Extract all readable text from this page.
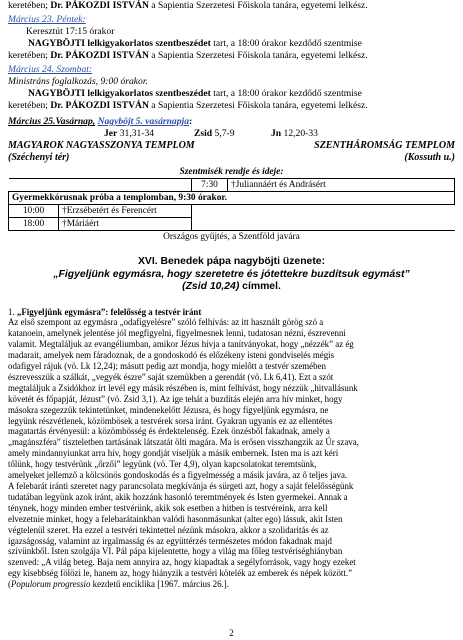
keretében; Dr. PÁKOZDI ISTVÁN a Sapientia Szerzetesi Főiskola tanára, egyetemi lelkész.
Március 23. Péntek:
Keresztút 17:15 órakor
NAGYBÖJTI lelkigyakorlatos szentbeszédet tart, a 18:00 órakor kezdődő szentmise
keretében; Dr. PÁKOZDI ISTVÁN a Sapientia Szerzetesi Főiskola tanára, egyetemi lelkész.
Március 24. Szombat:
Ministráns foglalkozás, 9:00 órakor.
NAGYBÖJTI lelkigyakorlatos szentbeszédet tart, a 18:00 órakor kezdődő szentmise
keretében; Dr. PÁKOZDI ISTVÁN a Sapientia Szerzetesi Főiskola tanára, egyetemi lelkész.
Március 25.Vasárnap, Nagyböjt 5. vasárnapja:
Jer 31,31-34	Zsid 5,7-9	Jn 12,20-33
MAGYAROK NAGYASSZONYA TEMPLOM	SZENTHÁROMSÁG TEMPLOM
(Széchenyi tér)	(Kossuth u.)
Szentmisék rendje és ideje:			
		7:30	†Juliannáért és Andrásért
Gyermekkórusnak próba a templomban, 9:30 órakor.			
10:00	†Erzsébetért és Ferencért		
18:00	†Máriáért		
Országos gyűjtés, a Szentföld javára			
XVI. Benedek pápa nagyböjti üzenete:
„Figyeljünk egymásra, hogy szeretetre és jótettekre buzdítsuk egymást”
(Zsid 10,24) címmel.
1. „Figyeljünk egymásra”: felelősség a testvér iránt
Az első szempont az egymásra „odafigyelésre” szóló felhívás: az itt használt görög szó a
katanoein, amelynek jelentése jól megfigyelni, figyelmesnek lenni, tudatosan nézni, észrevenni
valamit. Megtaláljuk az evangéliumban, amikor Jézus hívja a tanítványokat, hogy „nézzék” az ég
madarait, amelyek nem fáradoznak, de a gondoskodó és előzékeny isteni gondviselés mégis
odafigyel rájuk (vö. Lk 12,24); másutt pedig azt mondja, hogy mielőtt a testvér szemében
észrevesszük a szálkát, „vegyék észre” saját szemükben a gerendát (vö. Lk 6,41). Ezt a szót
megtaláljuk a Zsidókhoz írt levél egy másik részében is, mint felhívást, hogy nézzük „hitvallásunk
követét és főpapját, Jézust” (vö. Zsid 3,1). Az ige tehát a buzdítás elején arra hív minket, hogy
másokra szegezzük tekintetünket, mindenekelőtt Jézusra, és hogy figyeljünk egymásra, ne
legyünk részvétlenek, közömbösek a testvérek sorsa iránt. Gyakran ugyanis ez az ellentétes
magatartás érvényesül: a közömbösség és érdektelenség. Ezek önzésből fakadnak, amely a
„magánszféra” tiszteletben tartásának látszatát ölti magára. Ma is erősen visszhangzik az Úr szava,
amely mindannyiunkat arra hív, hogy gondját viseljük a másik embernek. Isten ma is azt kéri
tőlünk, hogy testvérünk „őrzői” legyünk (vö. Ter 4,9), olyan kapcsolatokat teremtsünk,
amelyeket jellemző a kölcsönös gondoskodás és a figyelmesség a másik javára, az ő teljes java.
A felebarát iránti szeretet nagy parancsolata megkívánja és sürgeti azt, hogy a saját felelősségünk
tudatában legyünk azok iránt, akik hozzánk hasonló teremtmények és Isten gyermekei. Annak a
ténynek, hogy minden ember testvérünk, akik sok esetben a hitben is testvéreink, arra kell
elvezetnie minket, hogy a felebarátainkban valódi hasonmásunkat (alter ego) lássuk, akit Isten
végtelenül szeret. Ha ezzel a testvéri tekintettel nézünk másokra, akkor a szolidaritás és az
igazságosság, valamint az irgalmasság és az együttérzés természetes módon fakadnak majd
szívünkből. Isten szolgája VI. Pál pápa kijelentette, hogy a világ ma főleg testvériséghiányban
szenved: „A világ beteg. Baja nem annyira az, hogy kiapadtak a segélyforrások, vagy hogy ezeket
egy kisebbség fölözi le, hanem az, hogy hiányzik a testvéri kötelék az emberek és népek között.”
(Populorum progressio kezdetű enciklika [1967. március 26.].
2
